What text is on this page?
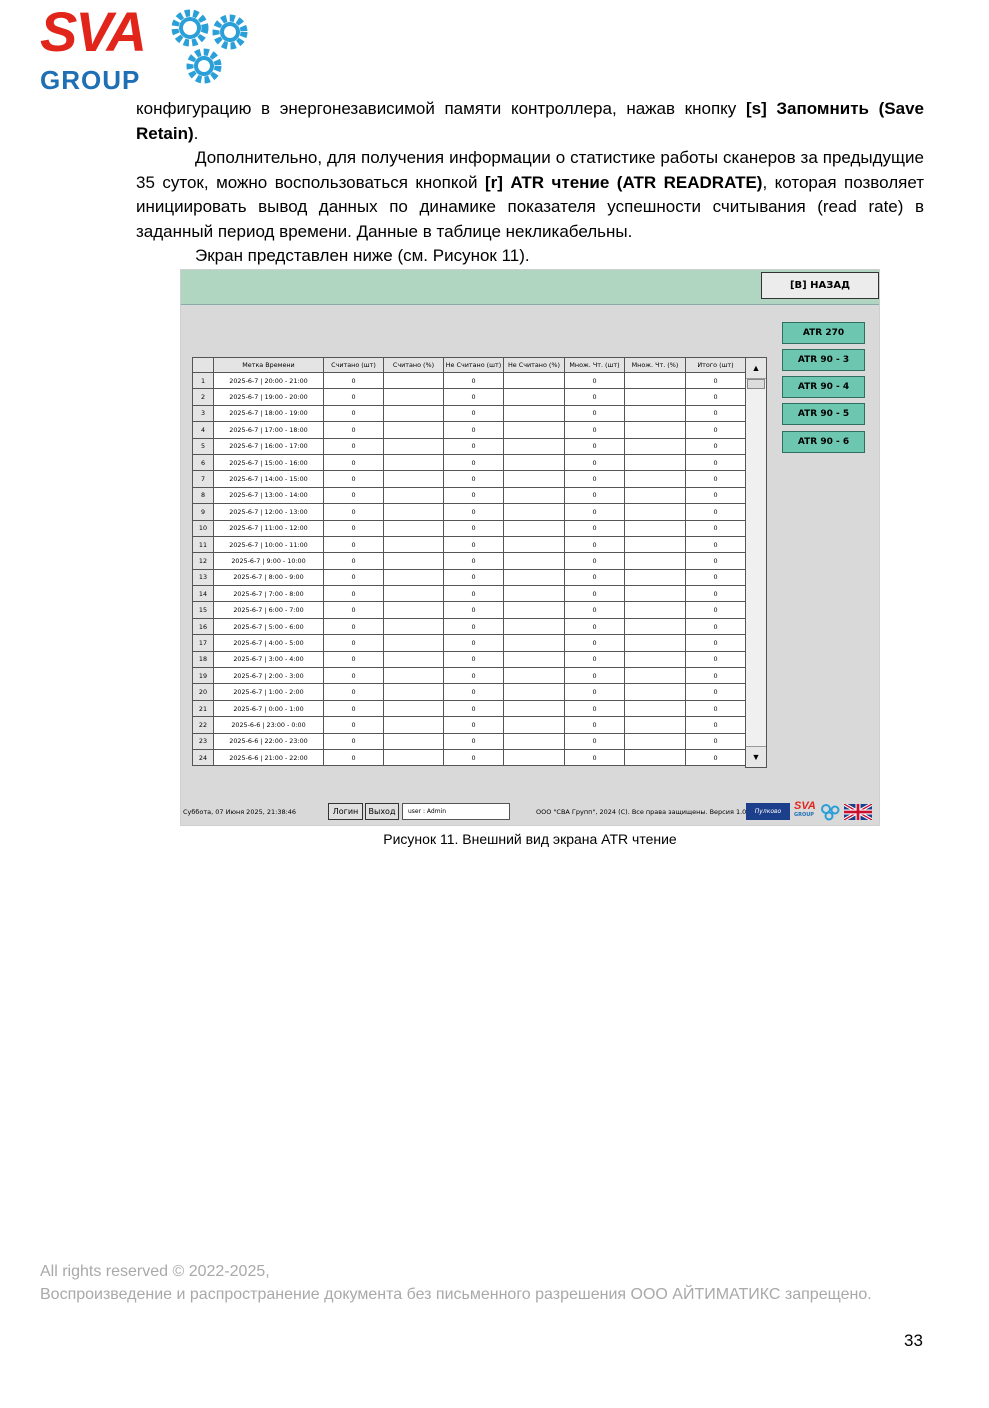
SVA
GROUP
конфигурацию в энергонезависимой памяти контроллера, нажав кнопку [s] Запомнить (Save Retain).
Дополнительно, для получения информации о статистике работы сканеров за предыдущие 35 суток, можно воспользоваться кнопкой [r] ATR чтение (ATR READRATE), которая позволяет инициировать вывод данных по динамике показателя успешности считывания (read rate) в заданный период времени. Данные в таблице некликабельны.
Экран представлен ниже (см. Рисунок 11).
[B] НАЗАД
	Метка Времени	Считано (шт)	Считано (%)	Не Считано (шт)	Не Считано (%)	Множ. Чт. (шт)	Множ. Чт. (%)	Итого (шт)
1	2025-6-7 | 20:00 - 21:00	0		0		0		0
2	2025-6-7 | 19:00 - 20:00	0		0		0		0
3	2025-6-7 | 18:00 - 19:00	0		0		0		0
4	2025-6-7 | 17:00 - 18:00	0		0		0		0
5	2025-6-7 | 16:00 - 17:00	0		0		0		0
6	2025-6-7 | 15:00 - 16:00	0		0		0		0
7	2025-6-7 | 14:00 - 15:00	0		0		0		0
8	2025-6-7 | 13:00 - 14:00	0		0		0		0
9	2025-6-7 | 12:00 - 13:00	0		0		0		0
10	2025-6-7 | 11:00 - 12:00	0		0		0		0
11	2025-6-7 | 10:00 - 11:00	0		0		0		0
12	2025-6-7 | 9:00 - 10:00	0		0		0		0
13	2025-6-7 | 8:00 - 9:00	0		0		0		0
14	2025-6-7 | 7:00 - 8:00	0		0		0		0
15	2025-6-7 | 6:00 - 7:00	0		0		0		0
16	2025-6-7 | 5:00 - 6:00	0		0		0		0
17	2025-6-7 | 4:00 - 5:00	0		0		0		0
18	2025-6-7 | 3:00 - 4:00	0		0		0		0
19	2025-6-7 | 2:00 - 3:00	0		0		0		0
20	2025-6-7 | 1:00 - 2:00	0		0		0		0
21	2025-6-7 | 0:00 - 1:00	0		0		0		0
22	2025-6-6 | 23:00 - 0:00	0		0		0		0
23	2025-6-6 | 22:00 - 23:00	0		0		0		0
24	2025-6-6 | 21:00 - 22:00	0		0		0		0
▲
▼
ATR 270
ATR 90 - 3
ATR 90 - 4
ATR 90 - 5
ATR 90 - 6
Суббота, 07 Июня 2025, 21:38:46	Логин	Выход	user : Admin	ООО "СВА Групп", 2024 (C). Все права защищены. Версия 1.0	Пулково	SVA
GROUP
Рисунок 11. Внешний вид экрана ATR чтение
All rights reserved © 2022-2025,
Воспроизведение и распространение документа без письменного разрешения ООО АЙТИМАТИКС запрещено.
33
